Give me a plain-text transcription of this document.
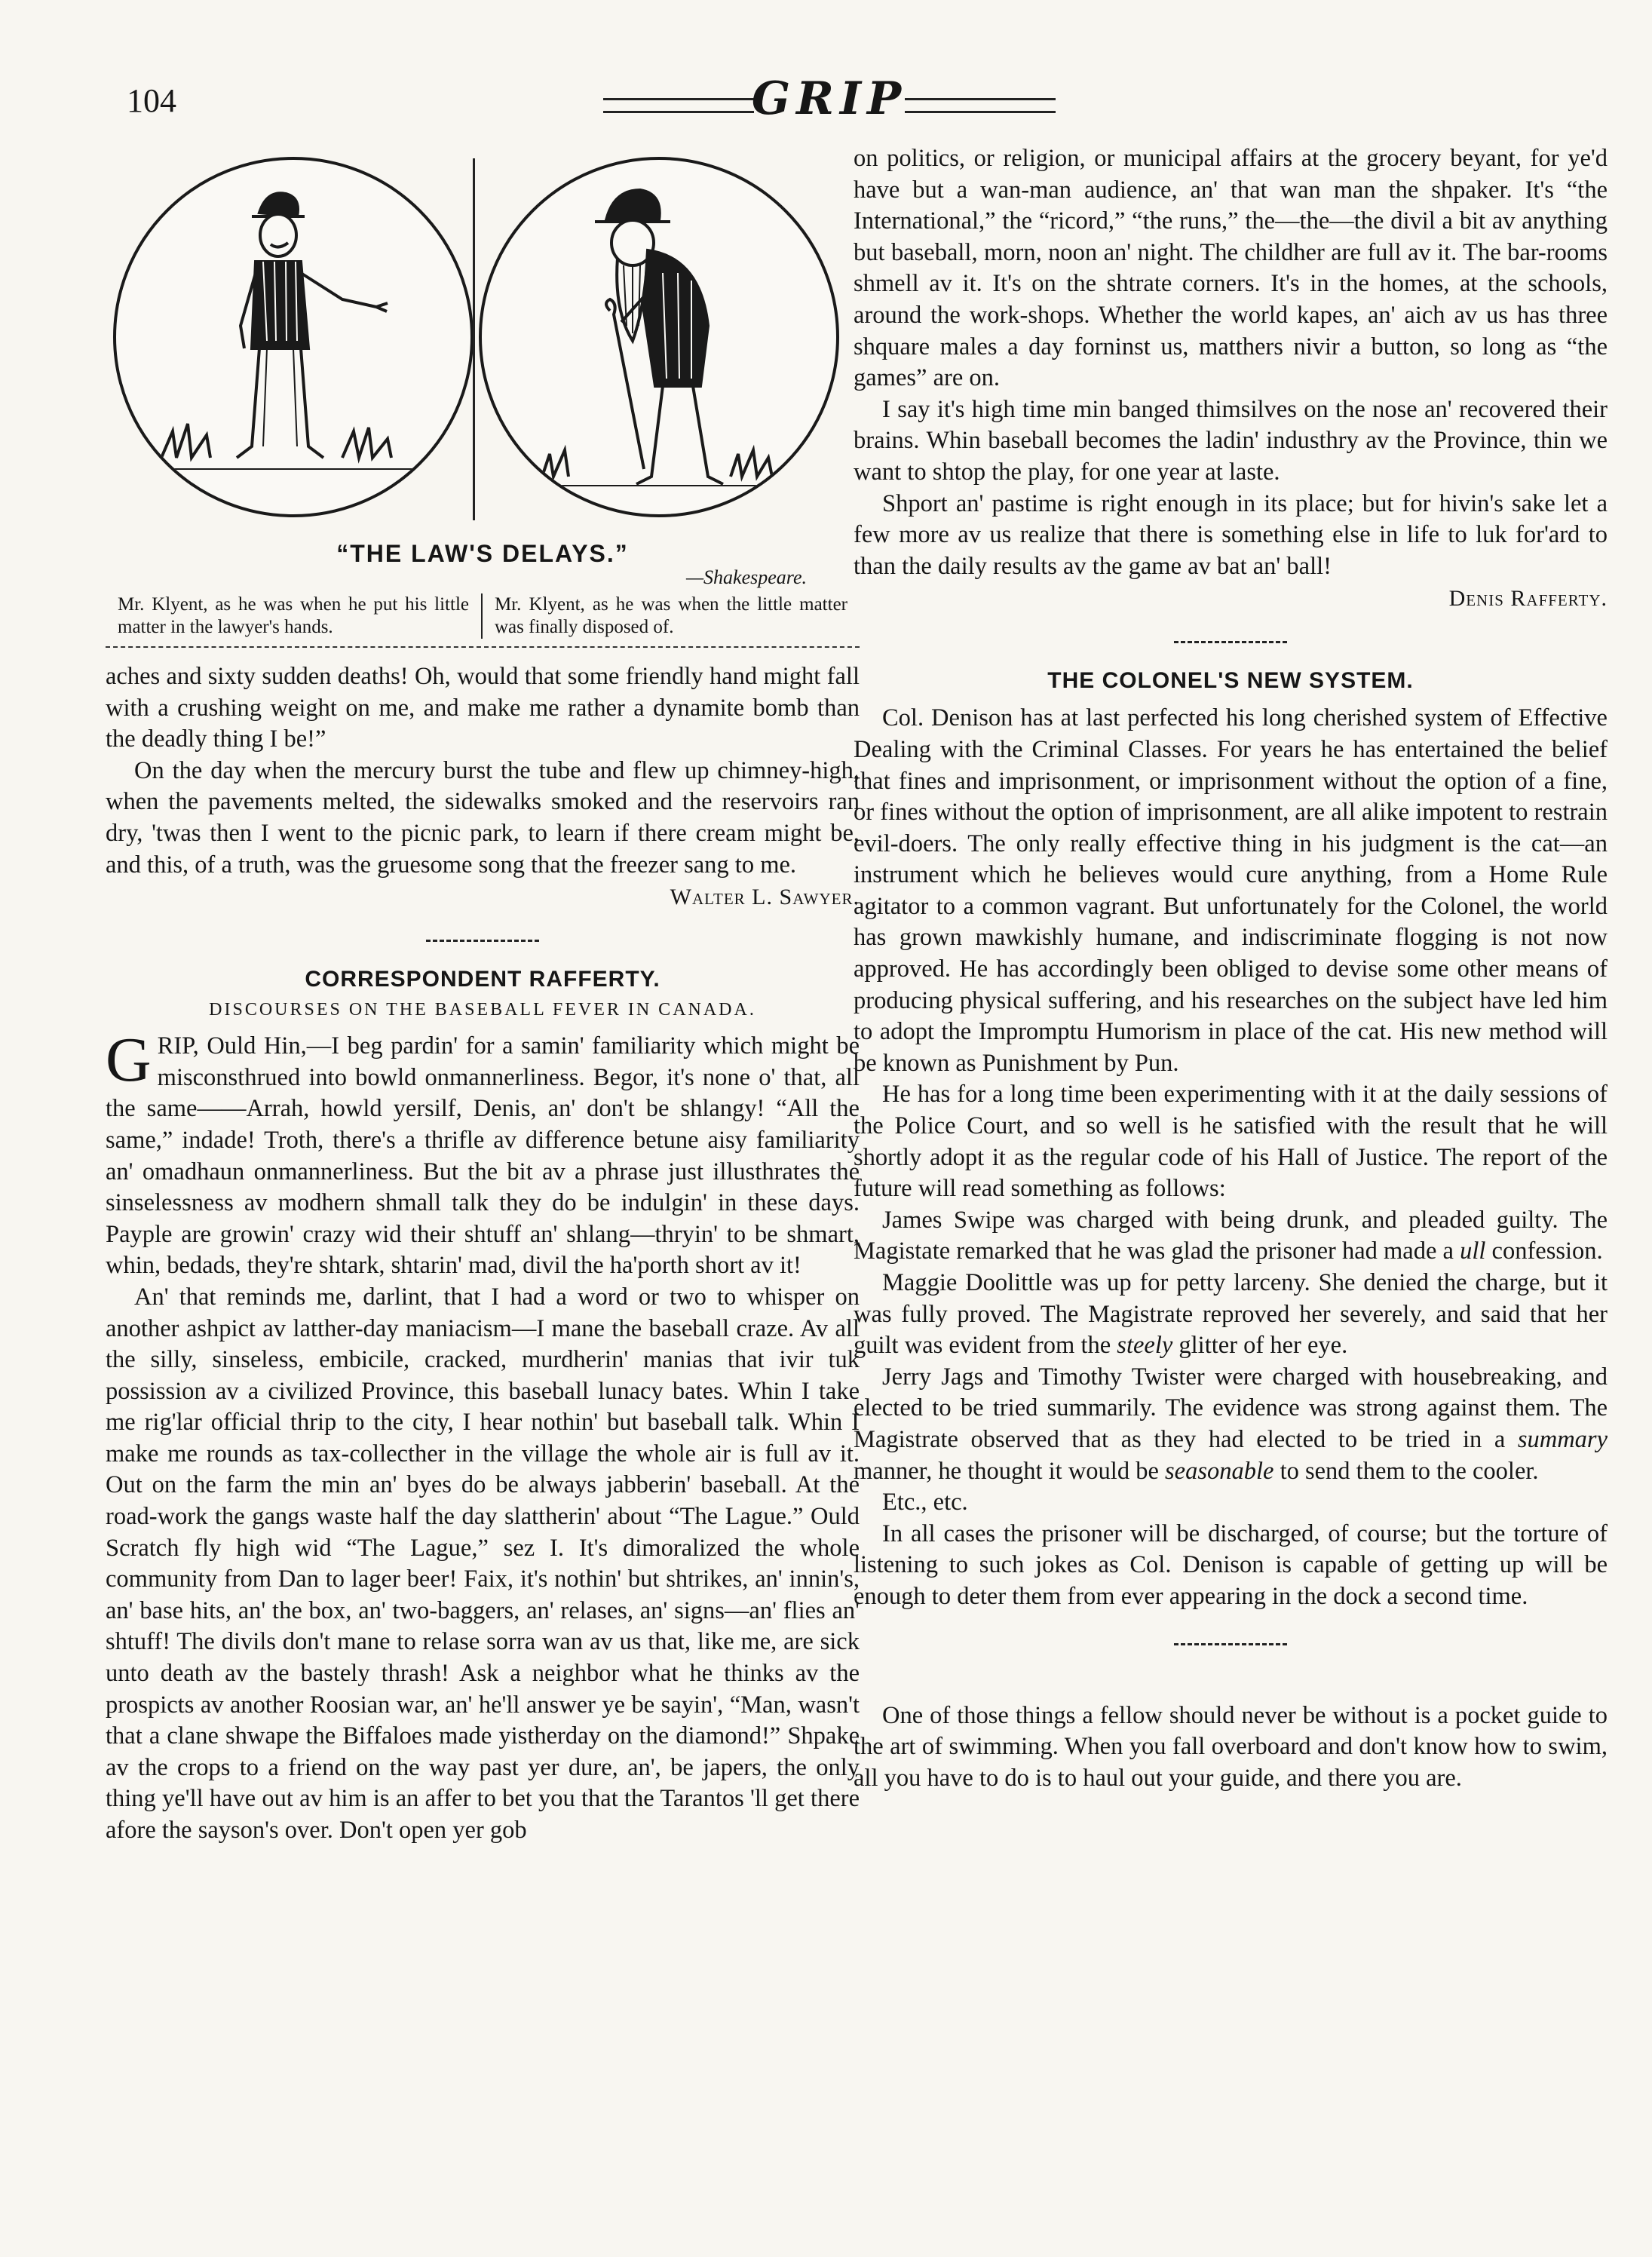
104	GRIP
“THE LAW'S DELAYS.”
—Shakespeare.
Mr. Klyent, as he was when he put his little matter in the lawyer's hands.
Mr. Klyent, as he was when the little matter was finally disposed of.

aches and sixty sudden deaths! Oh, would that some friendly hand might fall with a crushing weight on me, and make me rather a dynamite bomb than the deadly thing I be!”

On the day when the mercury burst the tube and flew up chimney-high, when the pavements melted, the sidewalks smoked and the reservoirs ran dry, 'twas then I went to the picnic park, to learn if there cream might be, and this, of a truth, was the gruesome song that the freezer sang to me.

Walter L. Sawyer.
CORRESPONDENT RAFFERTY.
DISCOURSES ON THE BASEBALL FEVER IN CANADA.

GRIP, Ould Hin,—I beg pardin' for a samin' familiarity which might be misconsthrued into bowld onmannerliness. Begor, it's none o' that, all the same——Arrah, howld yersilf, Denis, an' don't be shlangy! “All the same,” indade! Troth, there's a thrifle av difference betune aisy familiarity an' omadhaun onmannerliness. But the bit av a phrase just illusthrates the sinselessness av modhern shmall talk they do be indulgin' in these days. Payple are growin' crazy wid their shtuff an' shlang—thryin' to be shmart, whin, bedads, they're shtark, shtarin' mad, divil the ha'porth short av it!

An' that reminds me, darlint, that I had a word or two to whisper on another ashpict av latther-day maniacism—I mane the baseball craze. Av all the silly, sinseless, embicile, cracked, murdherin' manias that ivir tuk possission av a civilized Province, this baseball lunacy bates. Whin I take me rig'lar official thrip to the city, I hear nothin' but baseball talk. Whin I make me rounds as tax-collecther in the village the whole air is full av it. Out on the farm the min an' byes do be always jabberin' baseball. At the road-work the gangs waste half the day slattherin' about “The Lague.” Ould Scratch fly high wid “The Lague,” sez I. It's dimoralized the whole community from Dan to lager beer! Faix, it's nothin' but shtrikes, an' innin's, an' base hits, an' the box, an' two-baggers, an' relases, an' signs—an' flies an' shtuff! The divils don't mane to relase sorra wan av us that, like me, are sick unto death av the bastely thrash! Ask a neighbor what he thinks av the prospicts av another Roosian war, an' he'll answer ye be sayin', “Man, wasn't that a clane shwape the Biffaloes made yistherday on the diamond!” Shpake av the crops to a friend on the way past yer dure, an', be japers, the only thing ye'll have out av him is an affer to bet you that the Tarantos 'll get there afore the sayson's over. Don't open yer gob

on politics, or religion, or municipal affairs at the grocery beyant, for ye'd have but a wan-man audience, an' that wan man the shpaker. It's “the International,” the “ricord,” “the runs,” the—the—the divil a bit av anything but baseball, morn, noon an' night. The childher are full av it. The bar-rooms shmell av it. It's on the shtrate corners. It's in the homes, at the schools, around the work-shops. Whether the world kapes, an' aich av us has three shquare males a day forninst us, matthers nivir a button, so long as “the games” are on.

I say it's high time min banged thimsilves on the nose an' recovered their brains. Whin baseball becomes the ladin' industhry av the Province, thin we want to shtop the play, for one year at laste.

Shport an' pastime is right enough in its place; but for hivin's sake let a few more av us realize that there is something else in life to luk for'ard to than the daily results av the game av bat an' ball!

Denis Rafferty.
THE COLONEL'S NEW SYSTEM.

Col. Denison has at last perfected his long cherished system of Effective Dealing with the Criminal Classes. For years he has entertained the belief that fines and imprisonment, or imprisonment without the option of a fine, or fines without the option of imprisonment, are all alike impotent to restrain evil-doers. The only really effective thing in his judgment is the cat—an instrument which he believes would cure anything, from a Home Rule agitator to a common vagrant. But unfortunately for the Colonel, the world has grown mawkishly humane, and indiscriminate flogging is not now approved. He has accordingly been obliged to devise some other means of producing physical suffering, and his researches on the subject have led him to adopt the Impromptu Humorism in place of the cat. His new method will be known as Punishment by Pun.

He has for a long time been experimenting with it at the daily sessions of the Police Court, and so well is he satisfied with the result that he will shortly adopt it as the regular code of his Hall of Justice. The report of the future will read something as follows:

James Swipe was charged with being drunk, and pleaded guilty. The Magistate remarked that he was glad the prisoner had made a ull confession.

Maggie Doolittle was up for petty larceny. She denied the charge, but it was fully proved. The Magistrate reproved her severely, and said that her guilt was evident from the steely glitter of her eye.

Jerry Jags and Timothy Twister were charged with housebreaking, and elected to be tried summarily. The evidence was strong against them. The Magistrate observed that as they had elected to be tried in a summary manner, he thought it would be seasonable to send them to the cooler.

Etc., etc.

In all cases the prisoner will be discharged, of course; but the torture of listening to such jokes as Col. Denison is capable of getting up will be enough to deter them from ever appearing in the dock a second time.

One of those things a fellow should never be without is a pocket guide to the art of swimming. When you fall overboard and don't know how to swim, all you have to do is to haul out your guide, and there you are.
